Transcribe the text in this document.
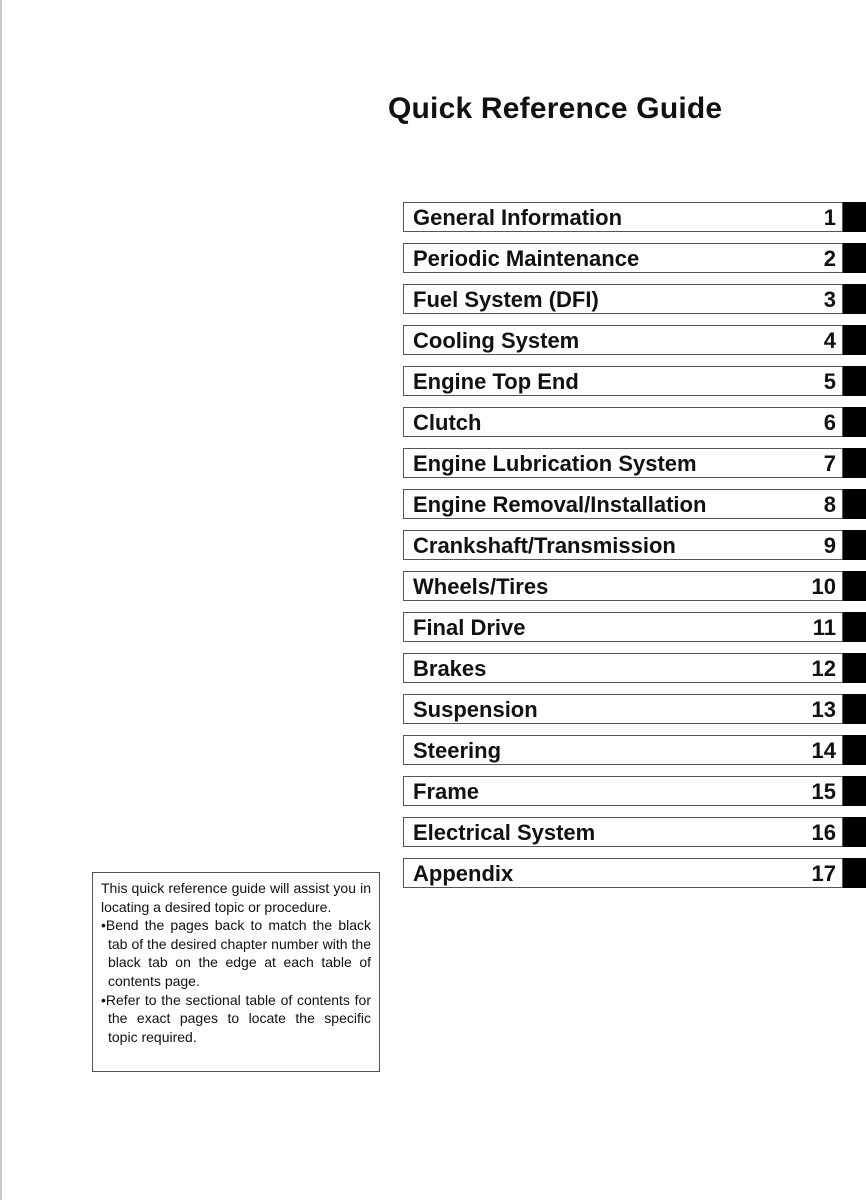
Quick Reference Guide
General Information	1
Periodic Maintenance	2
Fuel System (DFI)	3
Cooling System	4
Engine Top End	5
Clutch	6
Engine Lubrication System	7
Engine Removal/Installation	8
Crankshaft/Transmission	9
Wheels/Tires	10
Final Drive	11
Brakes	12
Suspension	13
Steering	14
Frame	15
Electrical System	16
Appendix	17

This quick reference guide will assist you in locating a desired topic or procedure.

•Bend the pages back to match the black tab of the desired chapter number with the black tab on the edge at each table of contents page.

•Refer to the sectional table of contents for the exact pages to locate the specific topic required.
